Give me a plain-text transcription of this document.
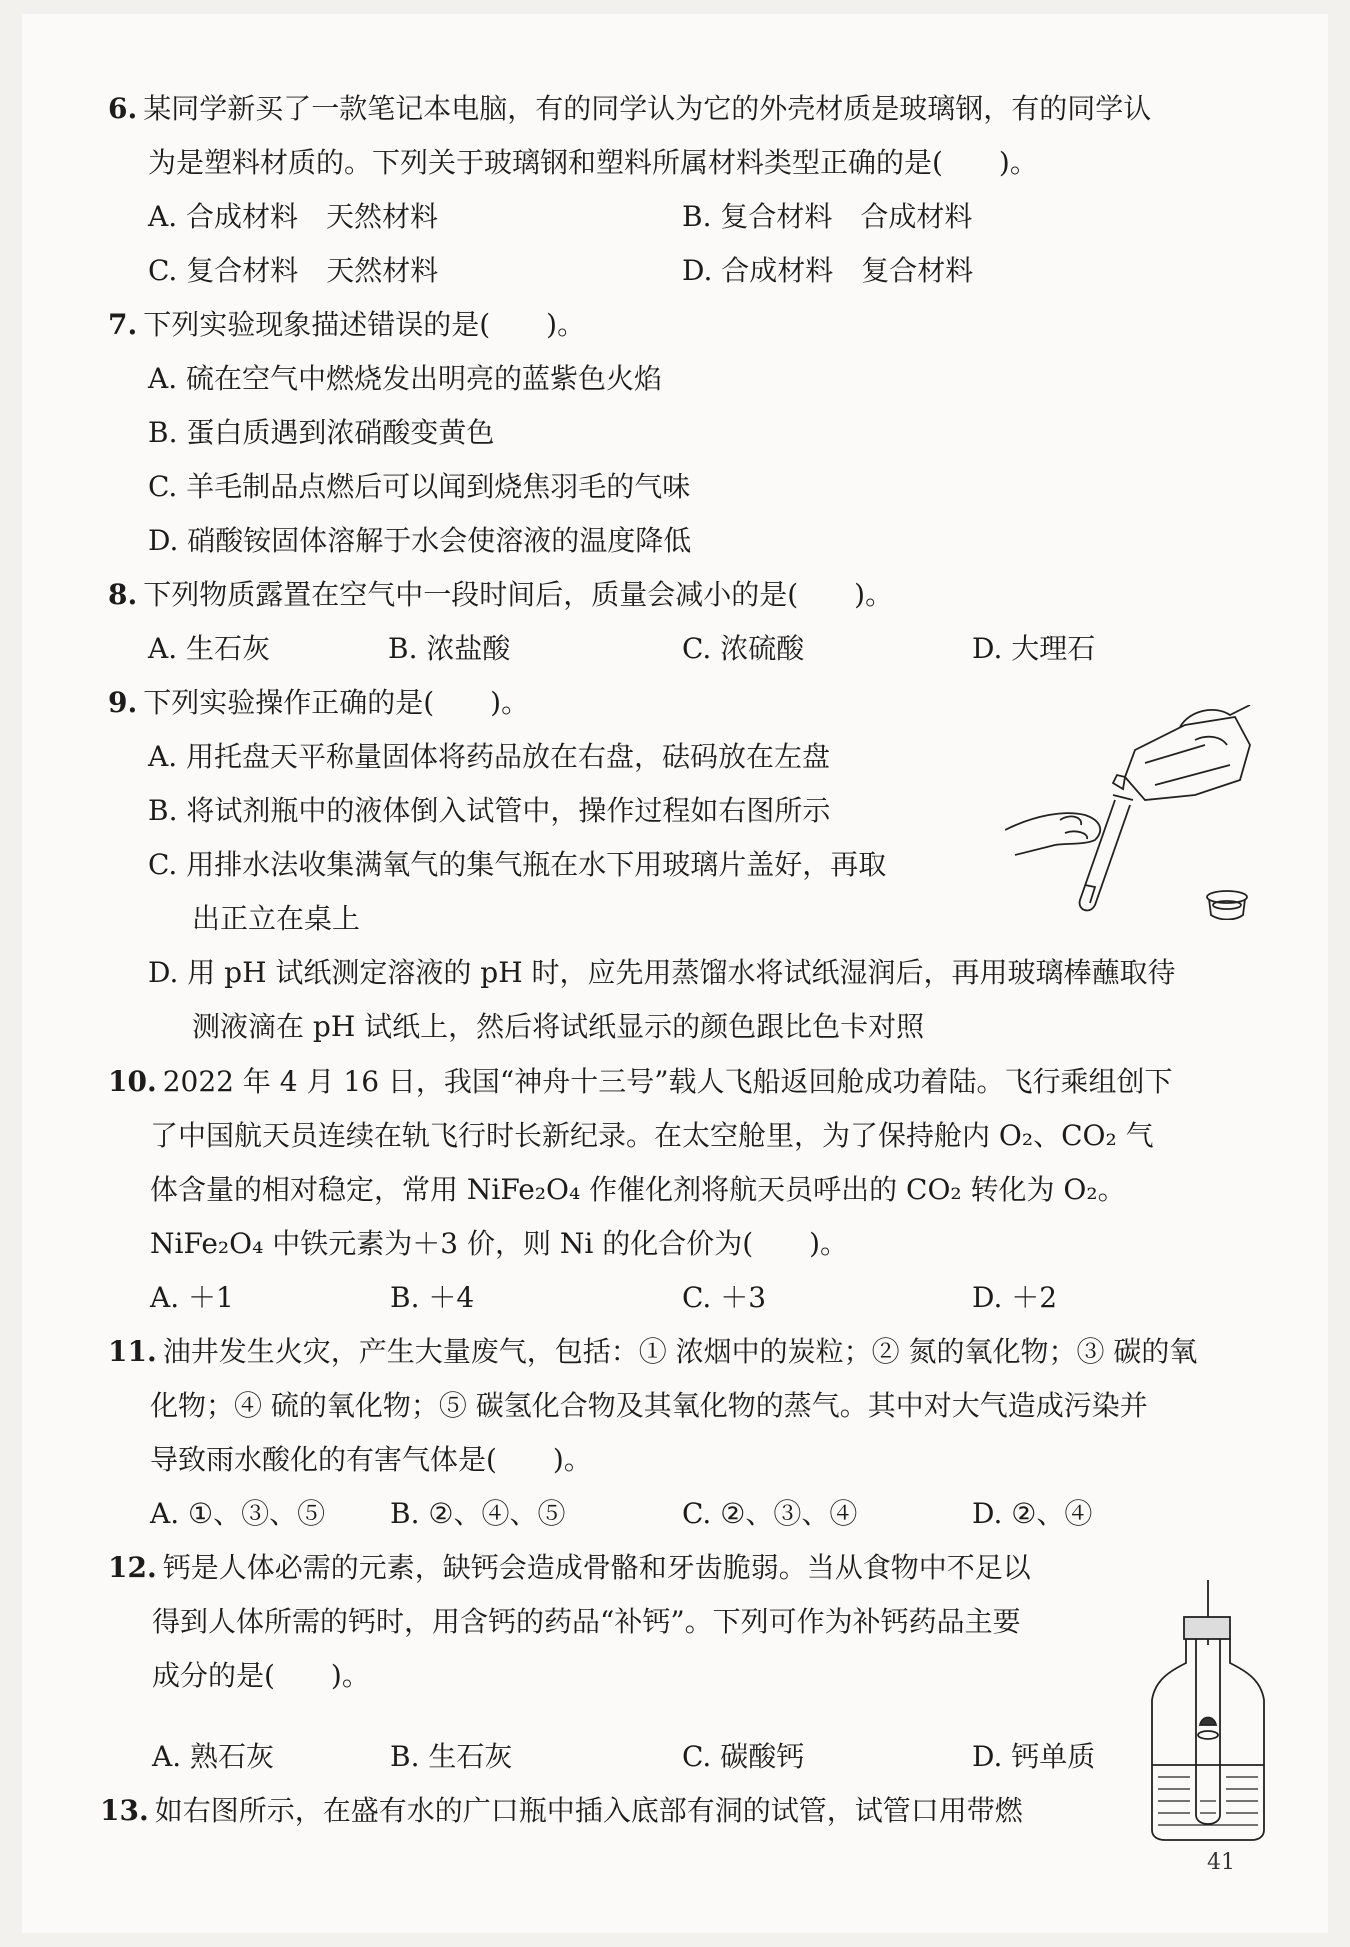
6. 某同学新买了一款笔记本电脑，有的同学认为它的外壳材质是玻璃钢，有的同学认
为是塑料材质的。下列关于玻璃钢和塑料所属材料类型正确的是(　　)。
A. 合成材料　天然材料	B. 复合材料　合成材料
C. 复合材料　天然材料	D. 合成材料　复合材料
7. 下列实验现象描述错误的是(　　)。
A. 硫在空气中燃烧发出明亮的蓝紫色火焰
B. 蛋白质遇到浓硝酸变黄色
C. 羊毛制品点燃后可以闻到烧焦羽毛的气味
D. 硝酸铵固体溶解于水会使溶液的温度降低
8. 下列物质露置在空气中一段时间后，质量会减小的是(　　)。
A. 生石灰	B. 浓盐酸	C. 浓硫酸	D. 大理石
9. 下列实验操作正确的是(　　)。
A. 用托盘天平称量固体将药品放在右盘，砝码放在左盘
B. 将试剂瓶中的液体倒入试管中，操作过程如右图所示
C. 用排水法收集满氧气的集气瓶在水下用玻璃片盖好，再取
出正立在桌上
D. 用 pH 试纸测定溶液的 pH 时，应先用蒸馏水将试纸湿润后，再用玻璃棒蘸取待
测液滴在 pH 试纸上，然后将试纸显示的颜色跟比色卡对照
10. 2022 年 4 月 16 日，我国“神舟十三号”载人飞船返回舱成功着陆。飞行乘组创下
了中国航天员连续在轨飞行时长新纪录。在太空舱里，为了保持舱内 O₂、CO₂ 气
体含量的相对稳定，常用 NiFe₂O₄ 作催化剂将航天员呼出的 CO₂ 转化为 O₂。
NiFe₂O₄ 中铁元素为＋3 价，则 Ni 的化合价为(　　)。
A. ＋1	B. ＋4	C. ＋3	D. ＋2
11. 油井发生火灾，产生大量废气，包括：① 浓烟中的炭粒；② 氮的氧化物；③ 碳的氧
化物；④ 硫的氧化物；⑤ 碳氢化合物及其氧化物的蒸气。其中对大气造成污染并
导致雨水酸化的有害气体是(　　)。
A. ①、③、⑤ B. ②、④、⑤	C. ②、③、④	D. ②、④
12. 钙是人体必需的元素，缺钙会造成骨骼和牙齿脆弱。当从食物中不足以
得到人体所需的钙时，用含钙的药品“补钙”。下列可作为补钙药品主要
成分的是(　　)。
A. 熟石灰	B. 生石灰	C. 碳酸钙	D. 钙单质
13. 如右图所示，在盛有水的广口瓶中插入底部有洞的试管，试管口用带燃
41
